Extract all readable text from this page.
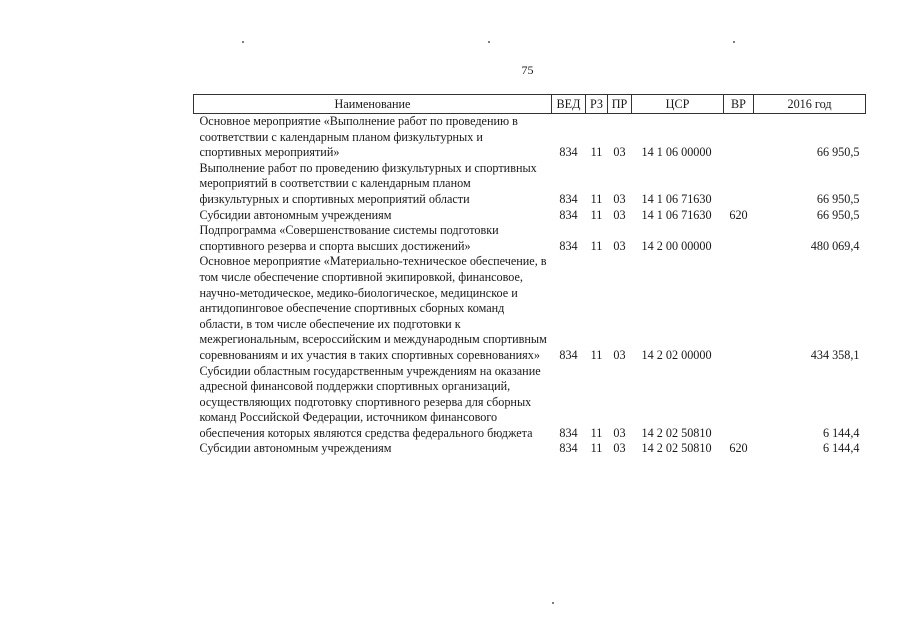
75
Наименование	ВЕД	РЗ	ПР	ЦСР	ВР	2016 год
Основное мероприятие «Выполнение работ по проведению в соответствии с календарным планом физкультурных и спортивных мероприятий»	834	11	03	14 1 06 00000		66 950,5
Выполнение работ по проведению физкультурных и спортивных мероприятий в соответствии с календарным планом физкультурных и спортивных мероприятий области	834	11	03	14 1 06 71630		66 950,5
Субсидии автономным учреждениям	834	11	03	14 1 06 71630	620	66 950,5
Подпрограмма «Совершенствование системы подготовки спортивного резерва и спорта высших достижений»	834	11	03	14 2 00 00000		480 069,4
Основное мероприятие «Материально-техническое обеспечение, в том числе обеспечение спортивной экипировкой, финансовое, научно-методическое, медико-биологическое, медицинское и антидопинговое обеспечение спортивных сборных команд области, в том числе обеспечение их подготовки к межрегиональным, всероссийским и международным спортивным соревнованиям и их участия в таких спортивных соревнованиях»	834	11	03	14 2 02 00000		434 358,1
Субсидии областным государственным учреждениям на оказание адресной финансовой поддержки спортивных организаций, осуществляющих подготовку спортивного резерва для сборных команд Российской Федерации, источником финансового обеспечения которых являются средства федерального бюджета	834	11	03	14 2 02 50810		6 144,4
Субсидии автономным учреждениям	834	11	03	14 2 02 50810	620	6 144,4
